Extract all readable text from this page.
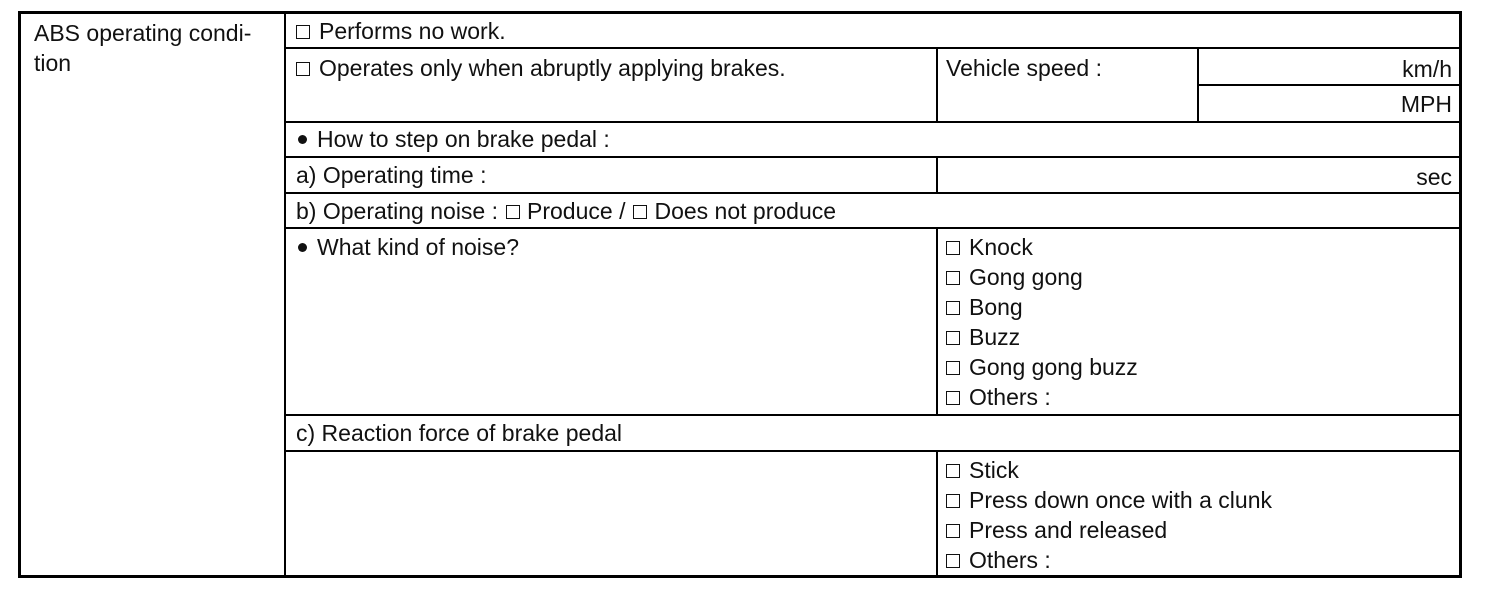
ABS operating condi-
tion
Performs no work.
Operates only when abruptly applying brakes.	Vehicle speed :	km/h
MPH
How to step on brake pedal :
a) Operating time :	sec
b) Operating noise : Produce / Does not produce
What kind of noise?	Knock
Gong gong
Bong
Buzz
Gong gong buzz
Others :
c) Reaction force of brake pedal
Stick
Press down once with a clunk
Press and released
Others :
